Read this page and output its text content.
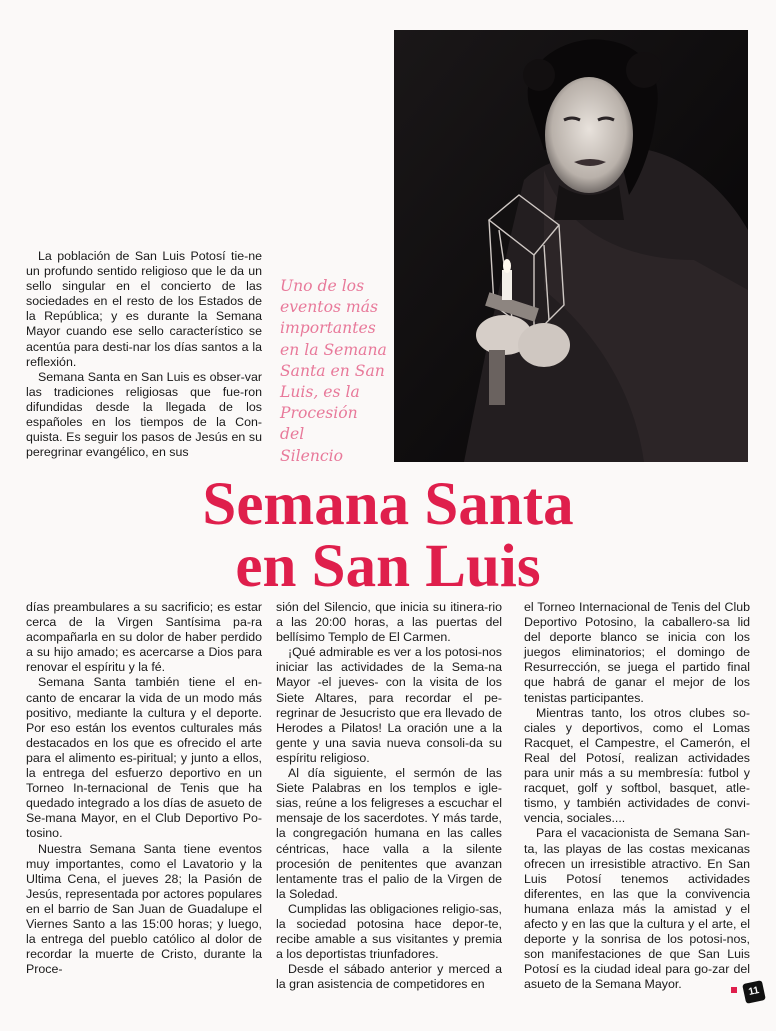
La población de San Luis Potosí tie-ne un profundo sentido religioso que le da un sello singular en el concierto de las sociedades en el resto de los Estados de la República; y es durante la Semana Mayor cuando ese sello característico se acentúa para desti-nar los días santos a la reflexión.

Semana Santa en San Luis es obser-var las tradiciones religiosas que fue-ron difundidas desde la llegada de los españoles en los tiempos de la Con-quista. Es seguir los pasos de Jesús en su peregrinar evangélico, en sus

Uno de los
eventos más
importantes
en la Semana
Santa en San
Luis, es la
Procesión
del
Silencio
Semana Santa
en San Luis

días preambulares a su sacrificio; es estar cerca de la Virgen Santísima pa-ra acompañarla en su dolor de haber perdido a su hijo amado; es acercarse a Dios para renovar el espíritu y la fé.

Semana Santa también tiene el en-canto de encarar la vida de un modo más positivo, mediante la cultura y el deporte. Por eso están los eventos culturales más destacados en los que es ofrecido el arte para el alimento es-piritual; y junto a ellos, la entrega del esfuerzo deportivo en un Torneo In-ternacional de Tenis que ha quedado integrado a los días de asueto de Se-mana Mayor, en el Club Deportivo Po-tosino.

Nuestra Semana Santa tiene eventos muy importantes, como el Lavatorio y la Ultima Cena, el jueves 28; la Pasión de Jesús, representada por actores populares en el barrio de San Juan de Guadalupe el Viernes Santo a las 15:00 horas; y luego, la entrega del pueblo católico al dolor de recordar la muerte de Cristo, durante la Proce-

sión del Silencio, que inicia su itinera-rio a las 20:00 horas, a las puertas del bellísimo Templo de El Carmen.

¡Qué admirable es ver a los potosi-nos iniciar las actividades de la Sema-na Mayor -el jueves- con la visita de los Siete Altares, para recordar el pe-regrinar de Jesucristo que era llevado de Herodes a Pilatos! La oración une a la gente y una savia nueva consoli-da su espíritu religioso.

Al día siguiente, el sermón de las Siete Palabras en los templos e igle-sias, reúne a los feligreses a escuchar el mensaje de los sacerdotes. Y más tarde, la congregación humana en las calles céntricas, hace valla a la silente procesión de penitentes que avanzan lentamente tras el palio de la Virgen de la Soledad.

Cumplidas las obligaciones religio-sas, la sociedad potosina hace depor-te, recibe amable a sus visitantes y premia a los deportistas triunfadores.

Desde el sábado anterior y merced a la gran asistencia de competidores en

el Torneo Internacional de Tenis del Club Deportivo Potosino, la caballero-sa lid del deporte blanco se inicia con los juegos eliminatorios; el domingo de Resurrección, se juega el partido final que habrá de ganar el mejor de los tenistas participantes.

Mientras tanto, los otros clubes so-ciales y deportivos, como el Lomas Racquet, el Campestre, el Camerón, el Real del Potosí, realizan actividades para unir más a su membresía: futbol y racquet, golf y softbol, basquet, atle-tismo, y también actividades de convi-vencia, sociales....

Para el vacacionista de Semana San-ta, las playas de las costas mexicanas ofrecen un irresistible atractivo. En San Luis Potosí tenemos actividades diferentes, en las que la convivencia humana enlaza más la amistad y el afecto y en las que la cultura y el arte, el deporte y la sonrisa de los potosi-nos, son manifestaciones de que San Luis Potosí es la ciudad ideal para go-zar del asueto de la Semana Mayor.

11
